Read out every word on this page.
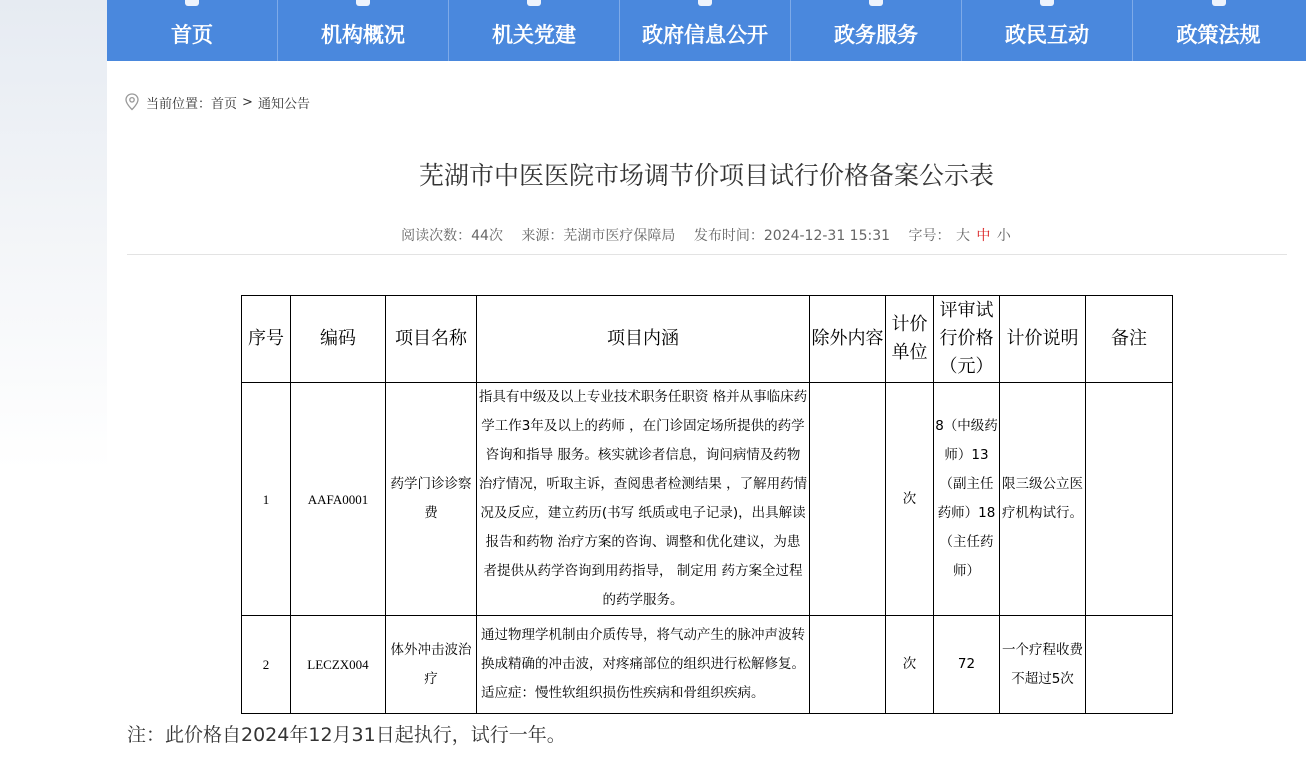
首页	机构概况	机关党建	政府信息公开	政务服务	政民互动	政策法规
当前位置： 首页 > 通知公告
芜湖市中医医院市场调节价项目试行价格备案公示表
阅读次数：44次 来源：芜湖市医疗保障局 发布时间：2024-12-31 15:31 字号： 大 中 小
序号	编码	项目名称	项目内涵	除外内容	计价单位	评审试行价格（元）	计价说明	备注
1	AAFA0001	药学门诊诊察费	指具有中级及以上专业技术职务任职资 格并从事临床药学工作3年及以上的药师 ，在门诊固定场所提供的药学咨询和指导 服务。核实就诊者信息，询问病情及药物 治疗情况，听取主诉，查阅患者检测结果 ，了解用药情况及反应，建立药历(书写 纸质或电子记录)，出具解读报告和药物 治疗方案的咨询、调整和优化建议，为患 者提供从药学咨询到用药指导， 制定用 药方案全过程的药学服务。		次	8（中级药师）13（副主任药师）18（主任药师）	限三级公立医疗机构试行。	
2	LECZX004	体外冲击波治疗	通过物理学机制由介质传导，将气动产生的脉冲声波转换成精确的冲击波，对疼痛部位的组织进行松解修复。适应症：慢性软组织损伤性疾病和骨组织疾病。		次	72	一个疗程收费不超过5次	
注：此价格自2024年12月31日起执行，试行一年。
